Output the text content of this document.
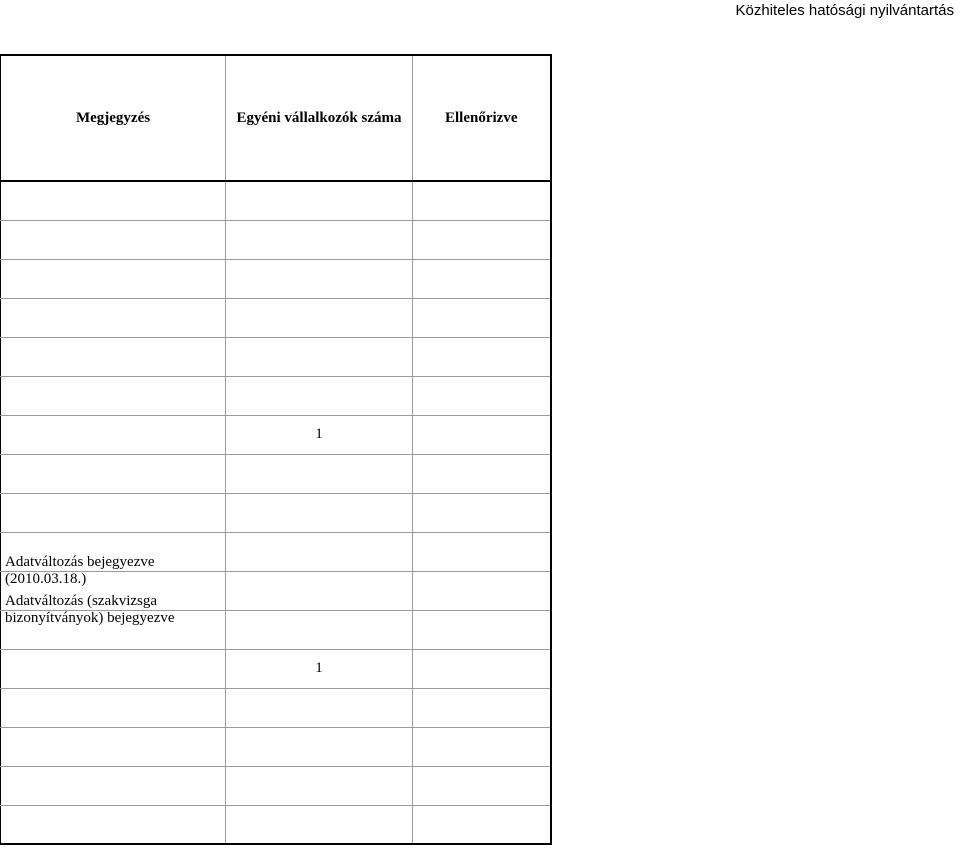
Közhiteles hatósági nyilvántartás
Megjegyzés	Egyéni vállalkozók száma	Ellenőrizve

	1	

Adatváltozás bejegyezve
(2010.03.18.)		

Adatváltozás (szakvizsga
bizonyítványok) bejegyezve		

	1	
